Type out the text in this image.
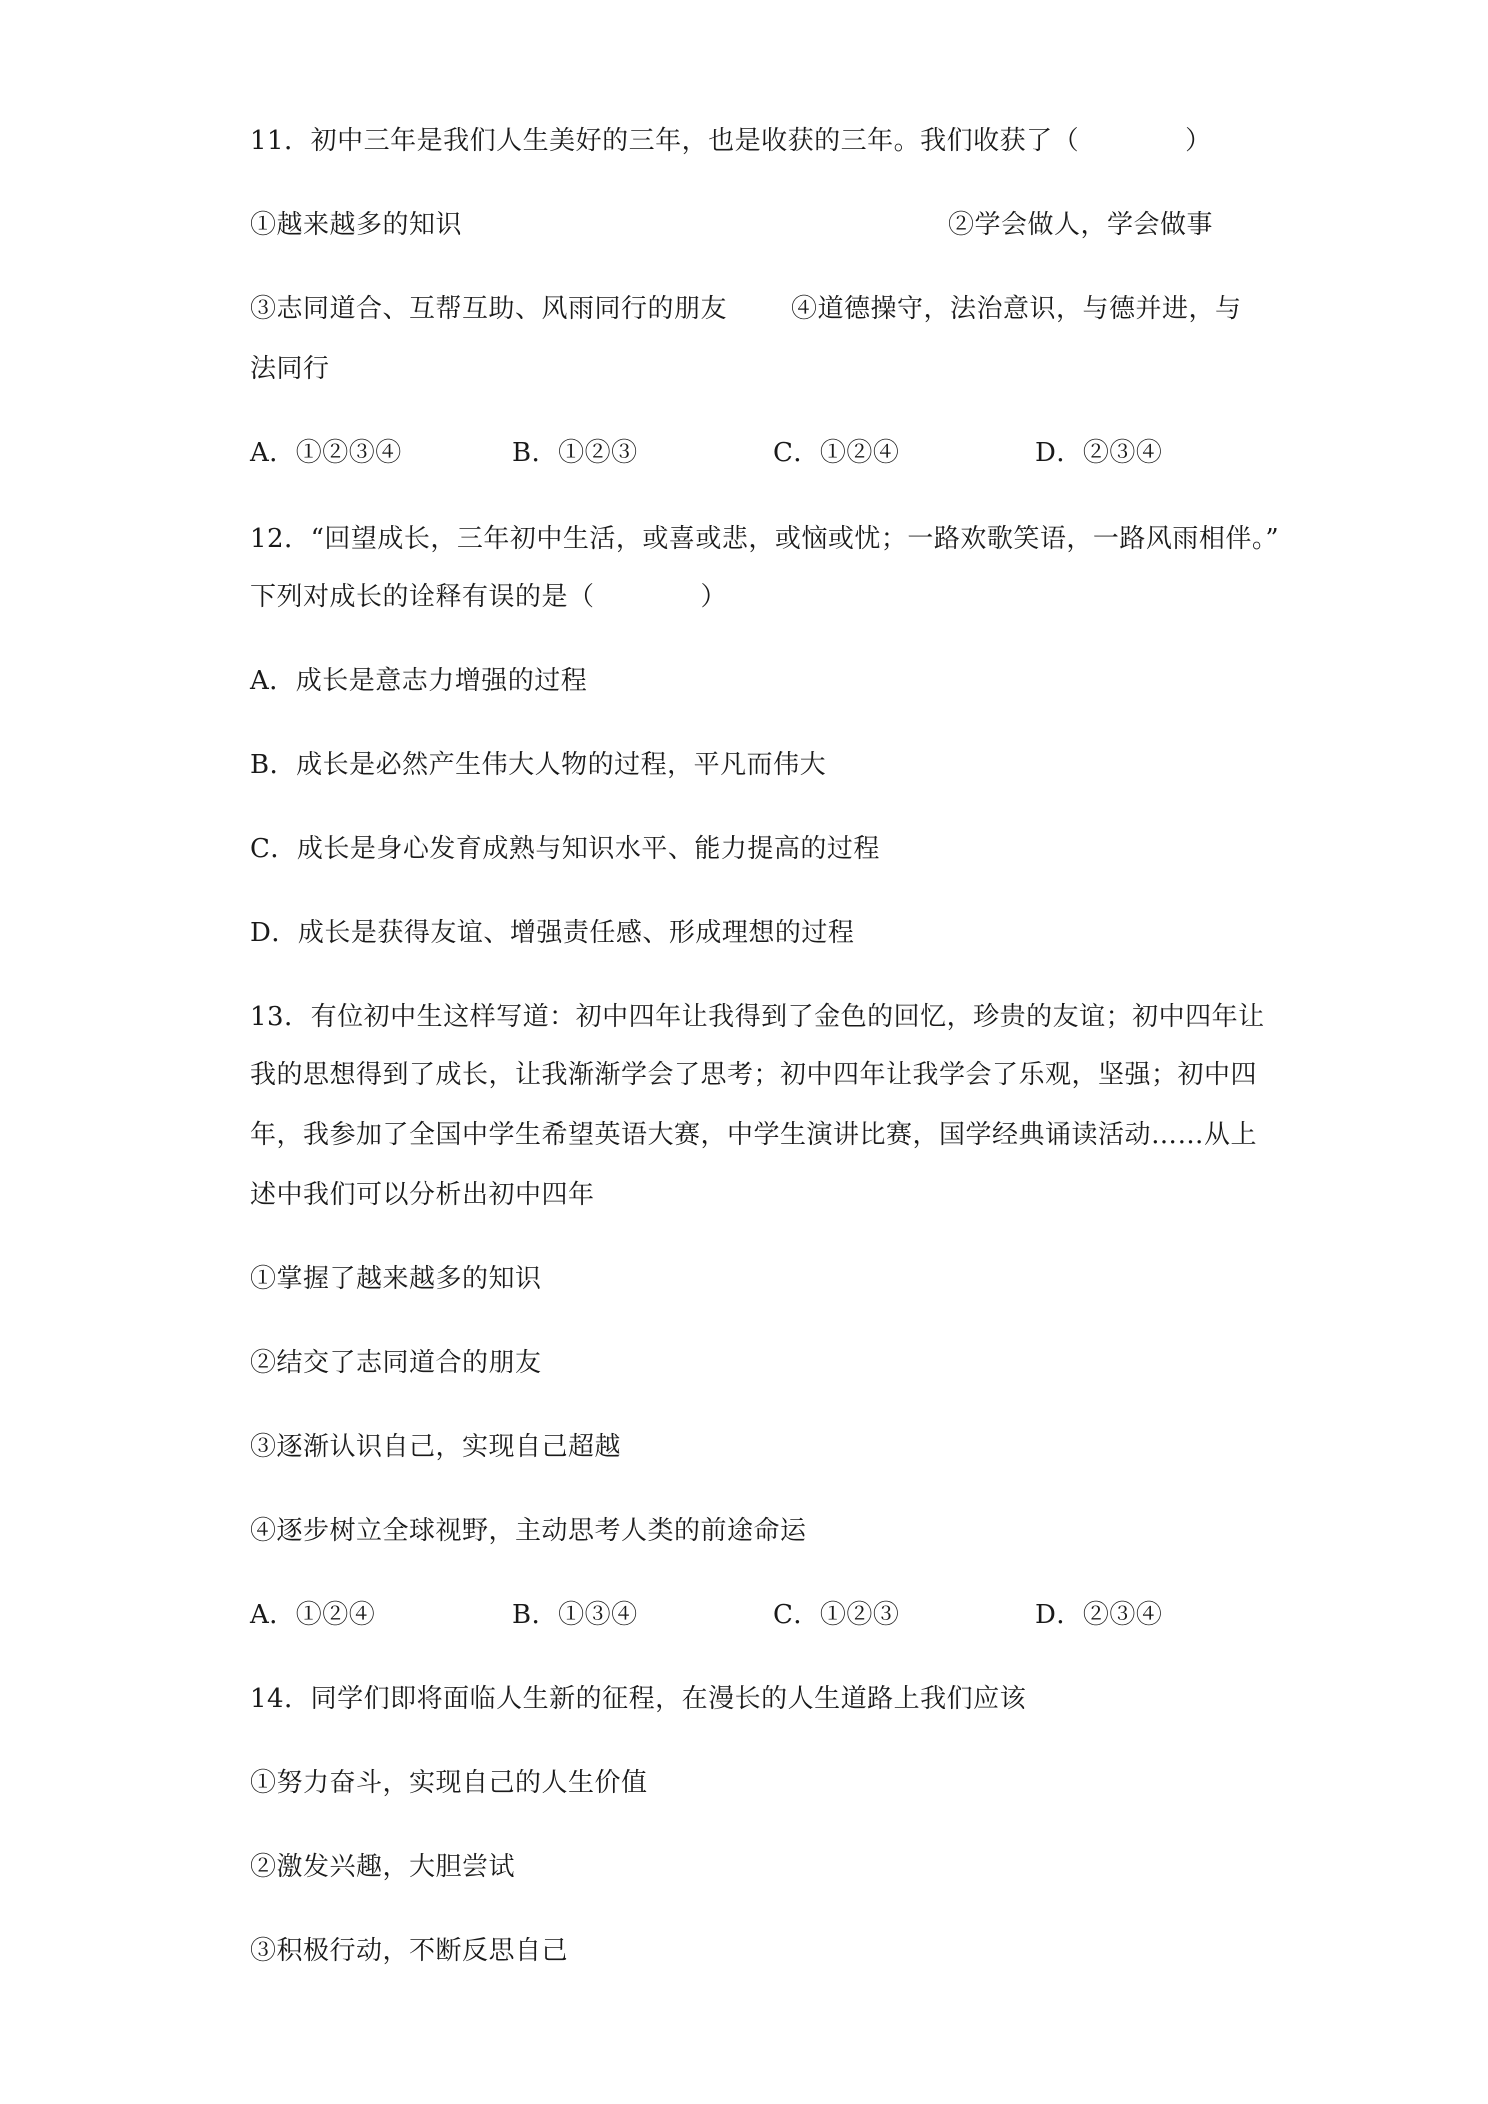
11．初中三年是我们人生美好的三年，也是收获的三年。我们收获了（　　　　）
①越来越多的知识	②学会做人，学会做事
③志同道合、互帮互助、风雨同行的朋友 ④道德操守，法治意识，与德并进，与
法同行
A．①②③④	B．①②③	C．①②④	D．②③④
12．“回望成长，三年初中生活，或喜或悲，或恼或忧；一路欢歌笑语，一路风雨相伴。”
下列对成长的诠释有误的是（　　　　）
A．成长是意志力增强的过程
B．成长是必然产生伟大人物的过程，平凡而伟大
C．成长是身心发育成熟与知识水平、能力提高的过程
D．成长是获得友谊、增强责任感、形成理想的过程
13．有位初中生这样写道：初中四年让我得到了金色的回忆，珍贵的友谊；初中四年让
我的思想得到了成长，让我渐渐学会了思考；初中四年让我学会了乐观，坚强；初中四
年，我参加了全国中学生希望英语大赛，中学生演讲比赛，国学经典诵读活动……从上
述中我们可以分析出初中四年
①掌握了越来越多的知识
②结交了志同道合的朋友
③逐渐认识自己，实现自己超越
④逐步树立全球视野，主动思考人类的前途命运
A．①②④	B．①③④	C．①②③	D．②③④
14．同学们即将面临人生新的征程，在漫长的人生道路上我们应该
①努力奋斗，实现自己的人生价值
②激发兴趣，大胆尝试
③积极行动，不断反思自己
